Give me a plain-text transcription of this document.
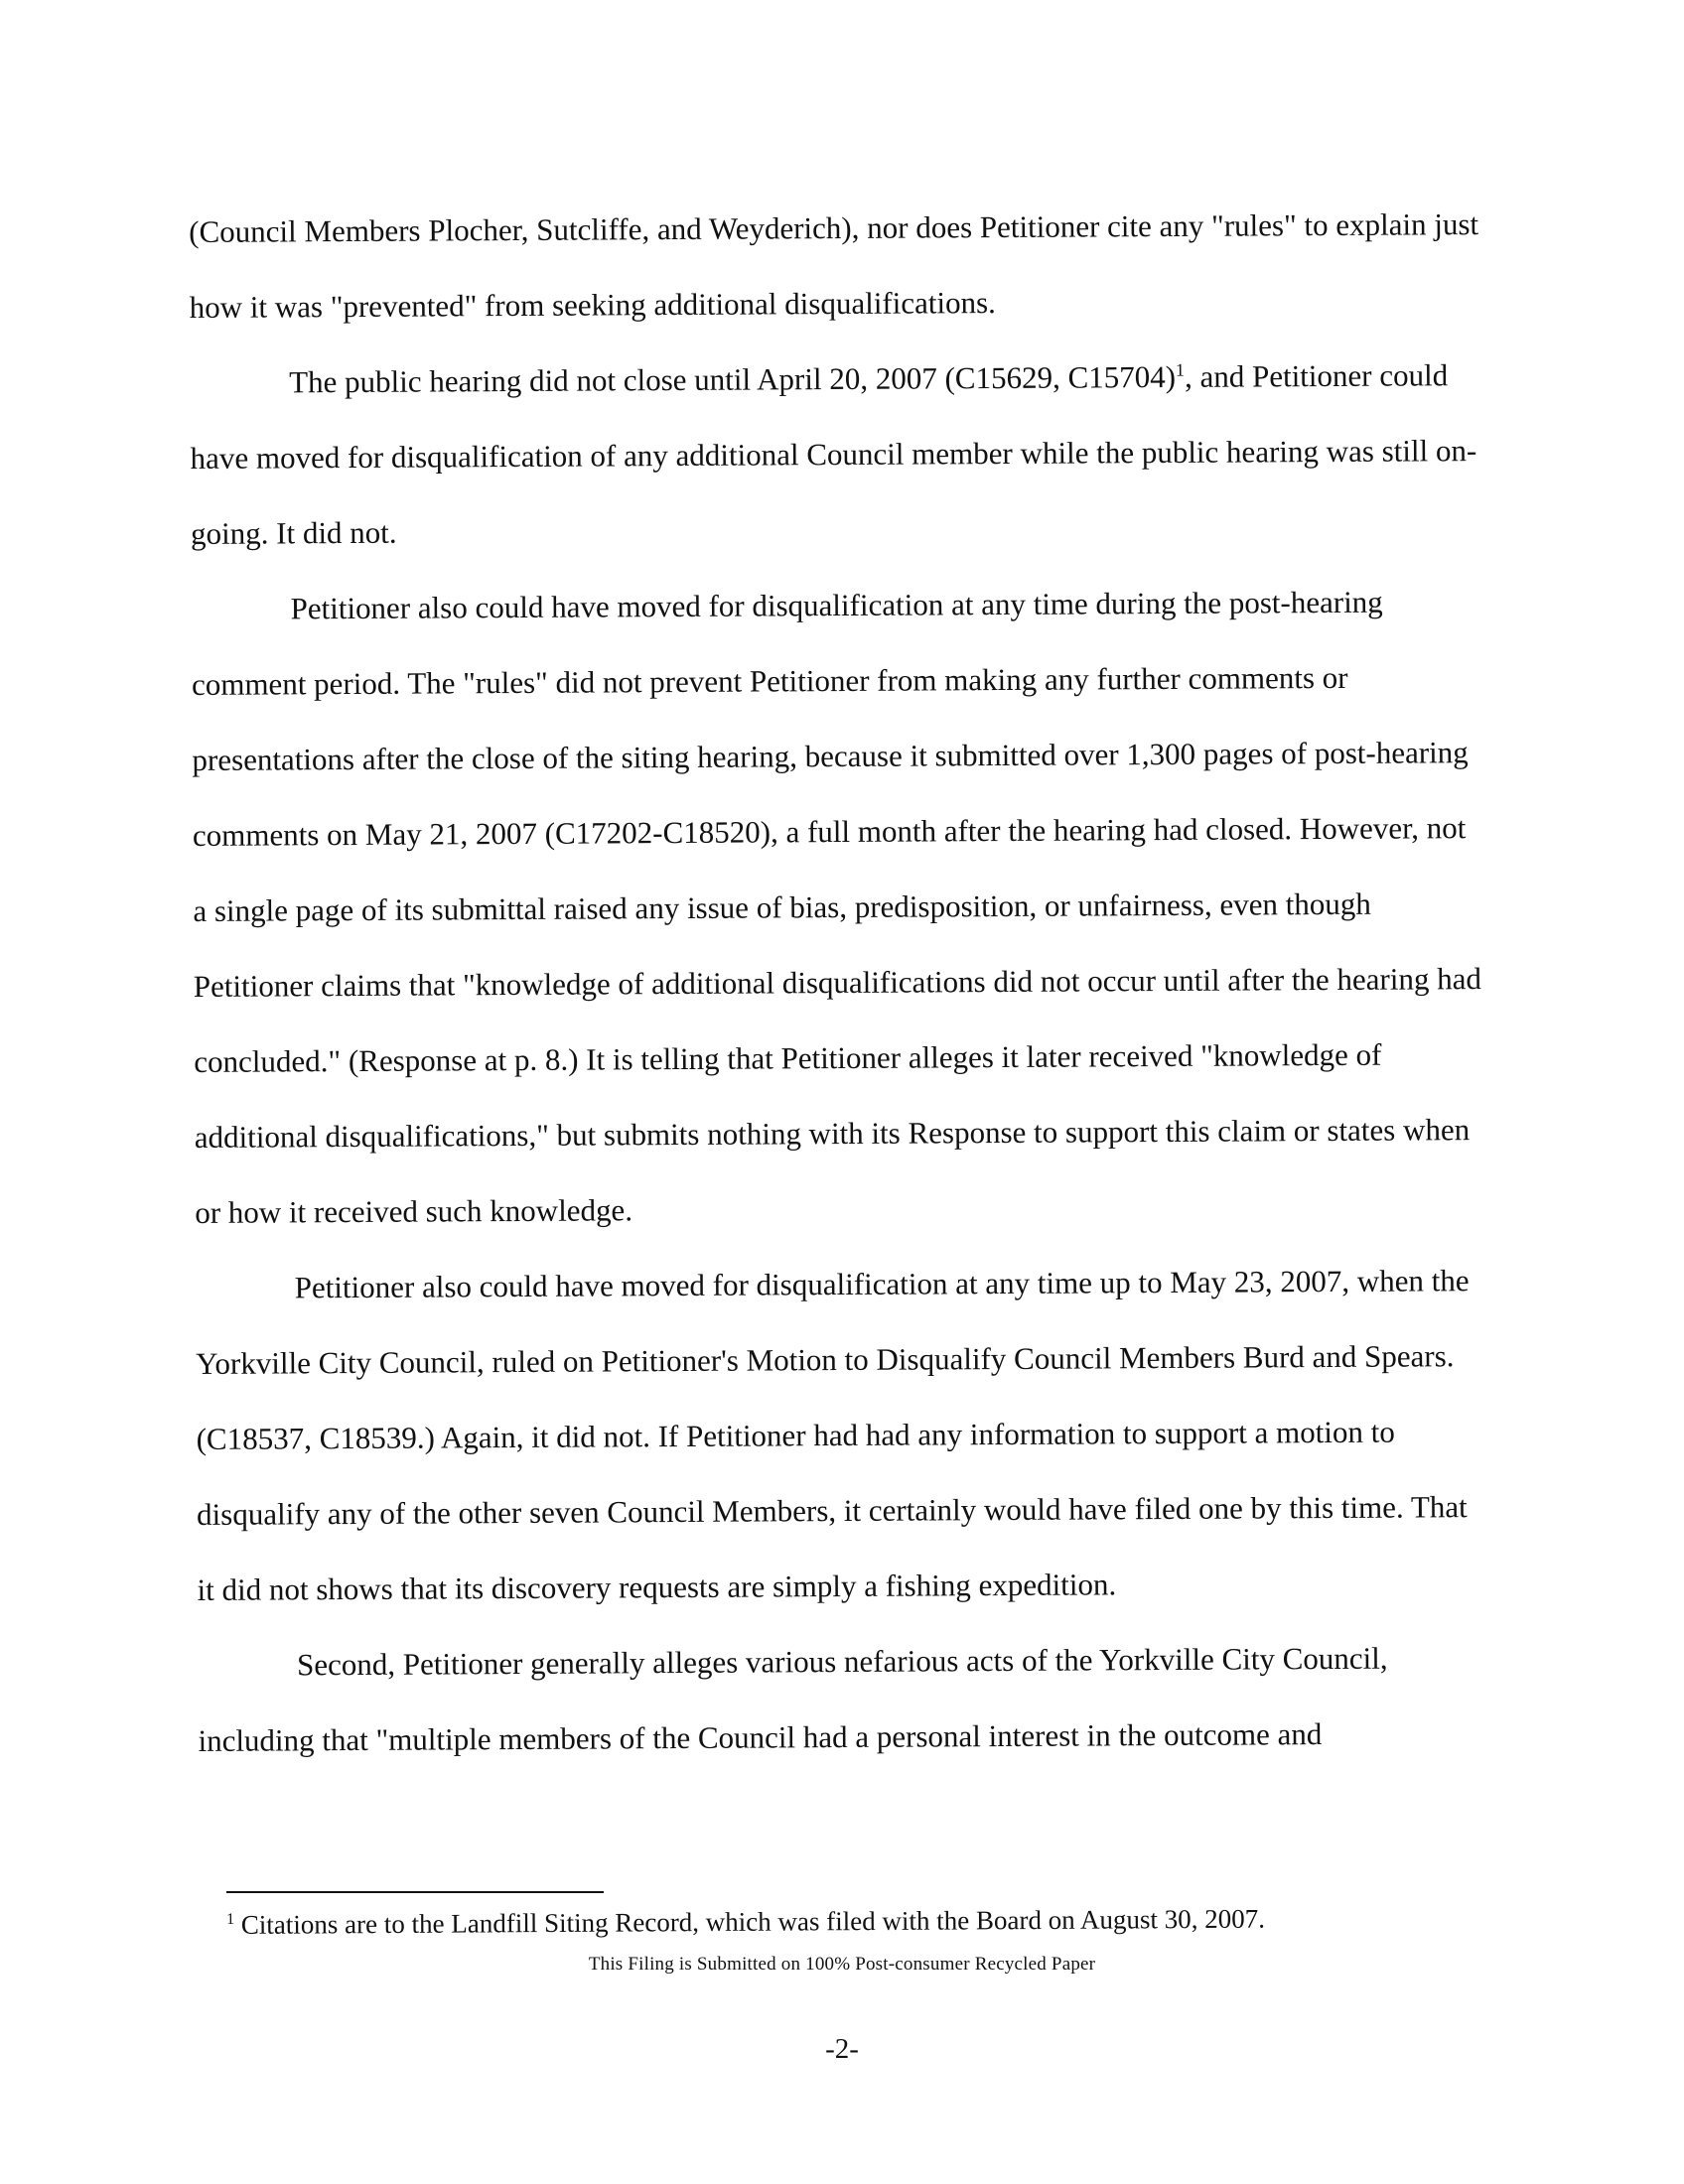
(Council Members Plocher, Sutcliffe, and Weyderich), nor does Petitioner cite any "rules" to explain just how it was "prevented" from seeking additional disqualifications.

The public hearing did not close until April 20, 2007 (C15629, C15704)$^1$, and Petitioner could have moved for disqualification of any additional Council member while the public hearing was still on-going. It did not.

Petitioner also could have moved for disqualification at any time during the post-hearing comment period. The "rules" did not prevent Petitioner from making any further comments or presentations after the close of the siting hearing, because it submitted over 1,300 pages of post-hearing comments on May 21, 2007 (C17202-C18520), a full month after the hearing had closed. However, not a single page of its submittal raised any issue of bias, predisposition, or unfairness, even though Petitioner claims that "knowledge of additional disqualifications did not occur until after the hearing had concluded." (Response at p. 8.) It is telling that Petitioner alleges it later received "knowledge of additional disqualifications," but submits nothing with its Response to support this claim or states when or how it received such knowledge.

Petitioner also could have moved for disqualification at any time up to May 23, 2007, when the Yorkville City Council, ruled on Petitioner's Motion to Disqualify Council Members Burd and Spears. (C18537, C18539.) Again, it did not. If Petitioner had had any information to support a motion to disqualify any of the other seven Council Members, it certainly would have filed one by this time. That it did not shows that its discovery requests are simply a fishing expedition.

Second, Petitioner generally alleges various nefarious acts of the Yorkville City Council, including that "multiple members of the Council had a personal interest in the outcome and

$^1$ Citations are to the Landfill Siting Record, which was filed with the Board on August 30, 2007.
This Filing is Submitted on 100% Post-consumer Recycled Paper
-2-
